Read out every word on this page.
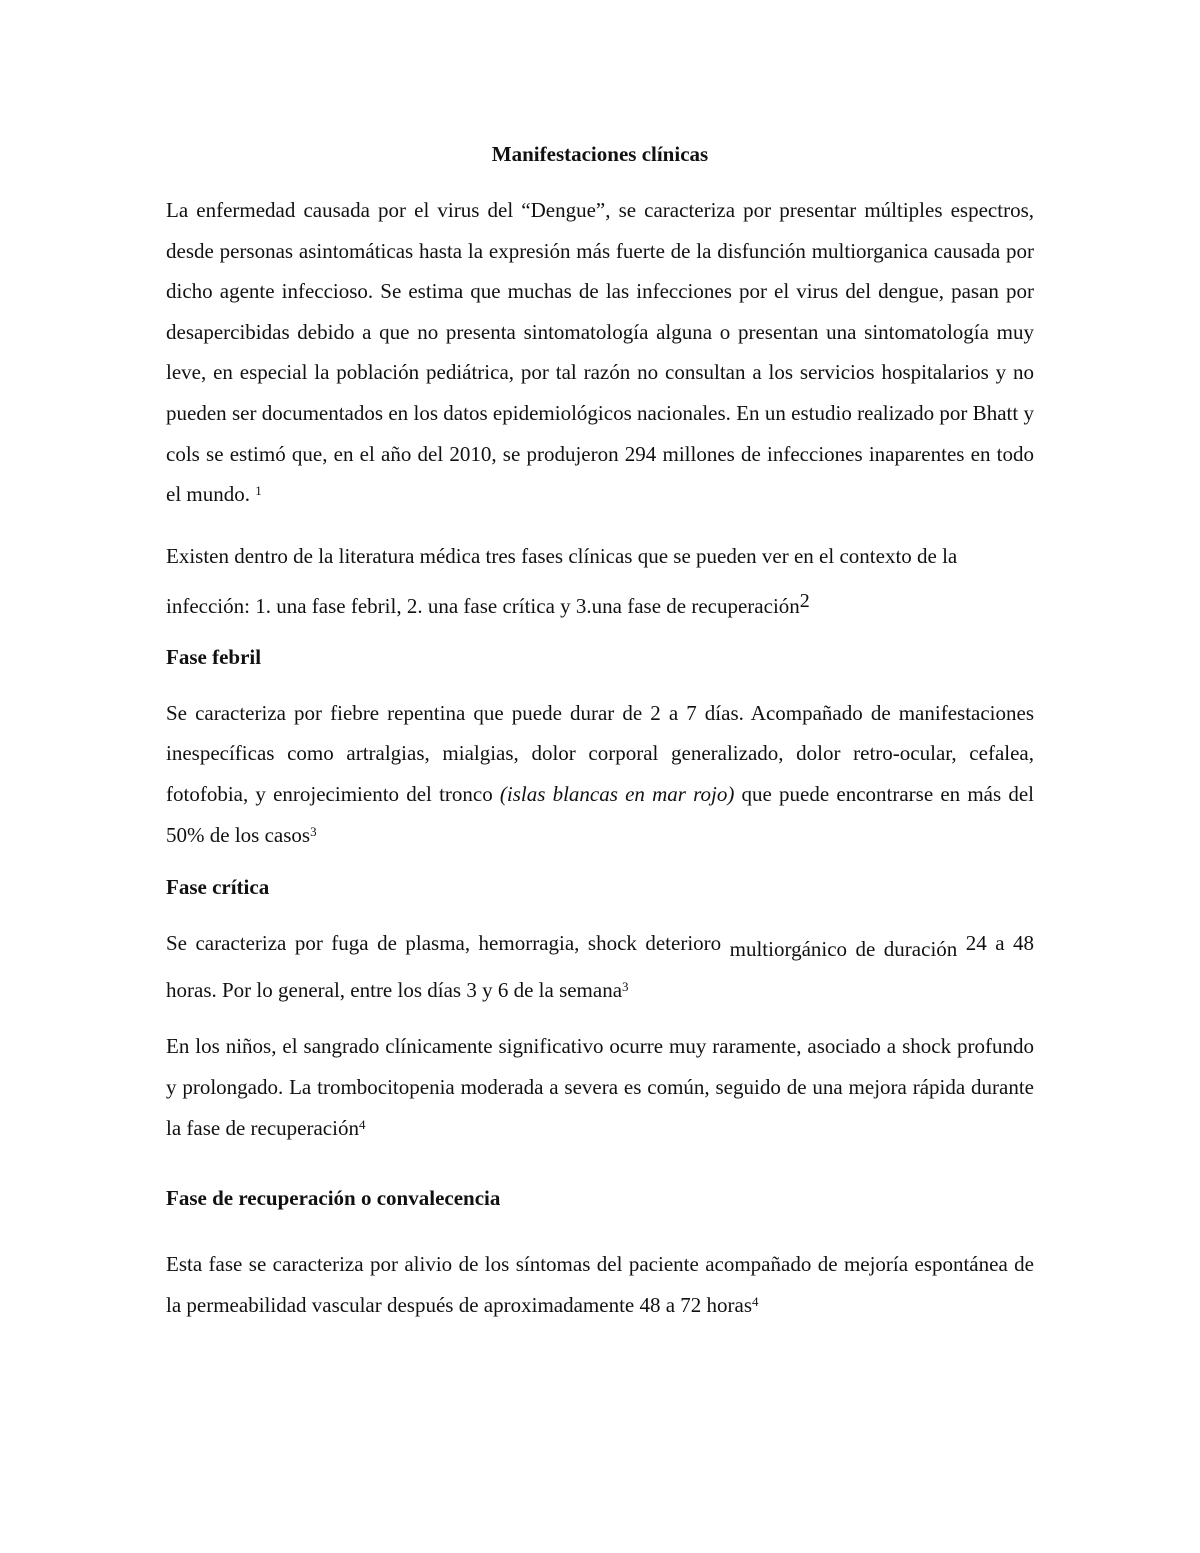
Manifestaciones clínicas

La enfermedad causada por el virus del “Dengue”, se caracteriza por presentar múltiples espectros, desde personas asintomáticas hasta la expresión más fuerte de la disfunción multiorganica causada por dicho agente infeccioso. Se estima que muchas de las infecciones por el virus del dengue, pasan por desapercibidas debido a que no presenta sintomatología alguna o presentan una sintomatología muy leve, en especial la población pediátrica, por tal razón no consultan a los servicios hospitalarios y no pueden ser documentados en los datos epidemiológicos nacionales. En un estudio realizado por Bhatt y cols se estimó que, en el año del 2010, se produjeron 294 millones de infecciones inaparentes en todo el mundo. $^1$

Existen dentro de la literatura médica tres fases clínicas que se pueden ver en el contexto de la infección: 1. una fase febril, 2. una fase crítica y 3.una fase de recuperación2

Fase febril

Se caracteriza por fiebre repentina que puede durar de 2 a 7 días. Acompañado de manifestaciones inespecíficas como artralgias, mialgias, dolor corporal generalizado, dolor retro-ocular, cefalea, fotofobia, y enrojecimiento del tronco (islas blancas en mar rojo) que puede encontrarse en más del 50% de los casos$^3$

Fase crítica

Se caracteriza por fuga de plasma, hemorragia, shock deterioro multiorgánico de duración 24 a 48 horas. Por lo general, entre los días 3 y 6 de la semana$^3$

En los niños, el sangrado clínicamente significativo ocurre muy raramente, asociado a shock profundo y prolongado. La trombocitopenia moderada a severa es común, seguido de una mejora rápida durante la fase de recuperación$^4$

Fase de recuperación o convalecencia

Esta fase se caracteriza por alivio de los síntomas del paciente acompañado de mejoría espontánea de la permeabilidad vascular después de aproximadamente 48 a 72 horas$^4$
